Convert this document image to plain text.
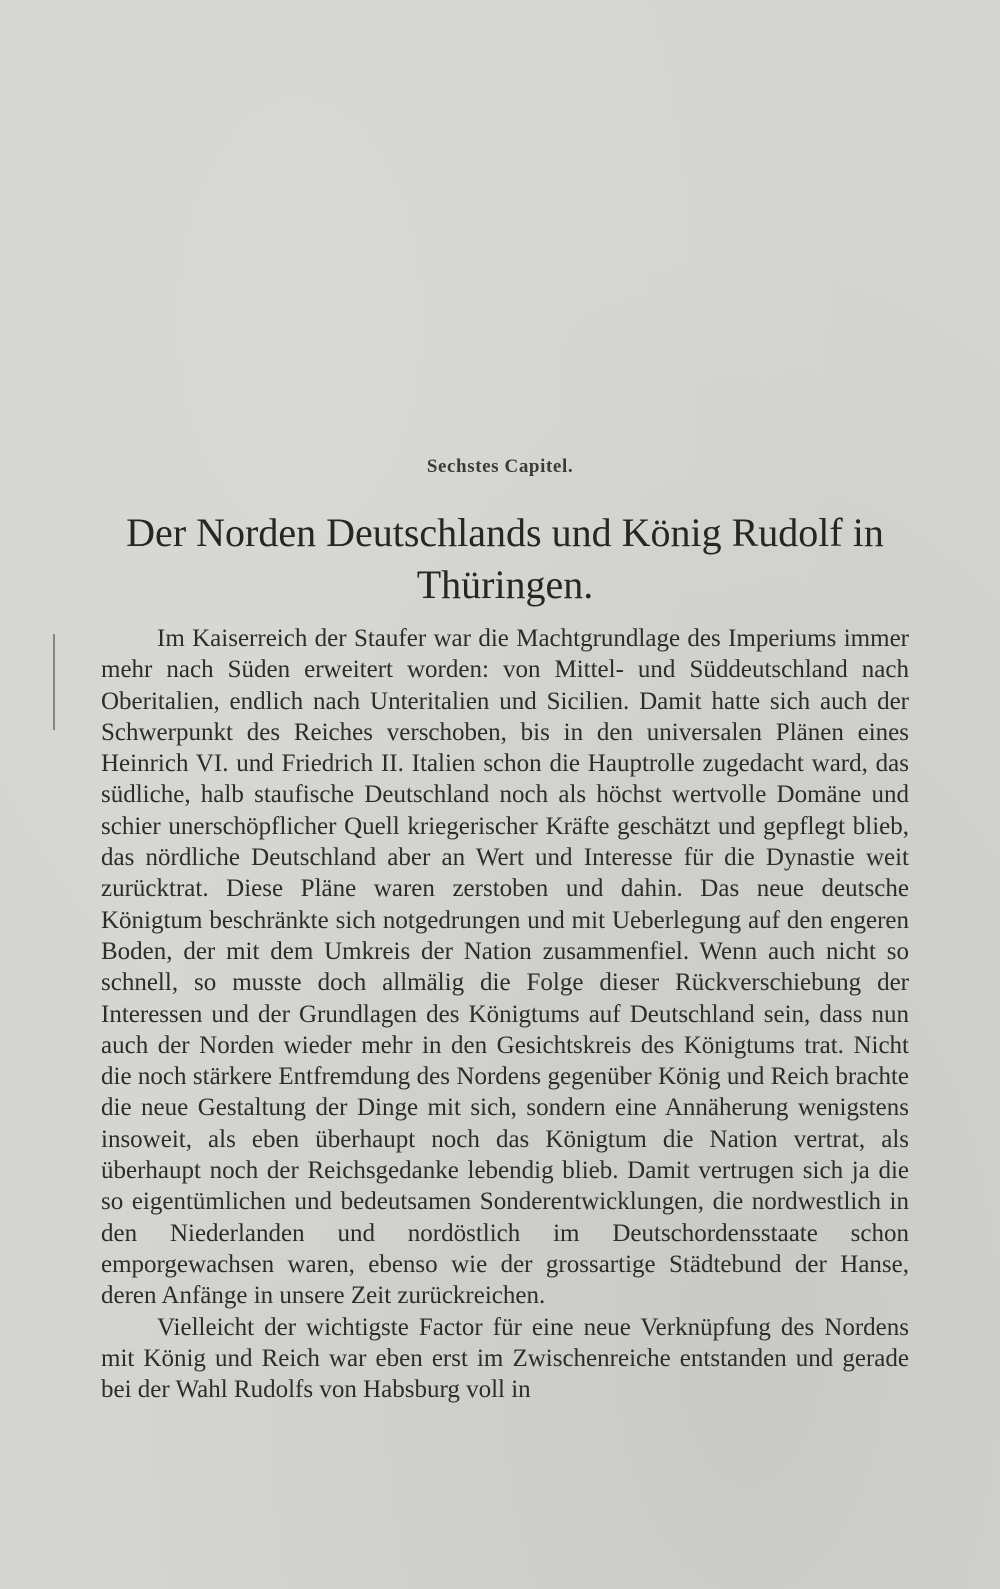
Sechstes Capitel.
Der Norden Deutschlands und König Rudolf in Thüringen.

Im Kaiserreich der Staufer war die Machtgrundlage des Imperiums immer mehr nach Süden erweitert worden: von Mittel- und Süddeutschland nach Oberitalien, endlich nach Unteritalien und Sicilien. Damit hatte sich auch der Schwerpunkt des Reiches verschoben, bis in den universalen Plänen eines Heinrich VI. und Friedrich II. Italien schon die Hauptrolle zugedacht ward, das südliche, halb staufische Deutschland noch als höchst wertvolle Domäne und schier unerschöpflicher Quell kriegerischer Kräfte geschätzt und gepflegt blieb, das nördliche Deutschland aber an Wert und Interesse für die Dynastie weit zurücktrat. Diese Pläne waren zerstoben und dahin. Das neue deutsche Königtum beschränkte sich notgedrungen und mit Ueberlegung auf den engeren Boden, der mit dem Umkreis der Nation zusammenfiel. Wenn auch nicht so schnell, so musste doch allmälig die Folge dieser Rückverschiebung der Interessen und der Grundlagen des Königtums auf Deutschland sein, dass nun auch der Norden wieder mehr in den Gesichtskreis des Königtums trat. Nicht die noch stärkere Entfremdung des Nordens gegenüber König und Reich brachte die neue Gestaltung der Dinge mit sich, sondern eine Annäherung wenigstens insoweit, als eben überhaupt noch das Königtum die Nation vertrat, als überhaupt noch der Reichsgedanke lebendig blieb. Damit vertrugen sich ja die so eigentümlichen und bedeutsamen Sonderentwicklungen, die nordwestlich in den Niederlanden und nordöstlich im Deutschordensstaate schon emporgewachsen waren, ebenso wie der grossartige Städtebund der Hanse, deren Anfänge in unsere Zeit zurückreichen.

Vielleicht der wichtigste Factor für eine neue Verknüpfung des Nordens mit König und Reich war eben erst im Zwischenreiche entstanden und gerade bei der Wahl Rudolfs von Habsburg voll in
